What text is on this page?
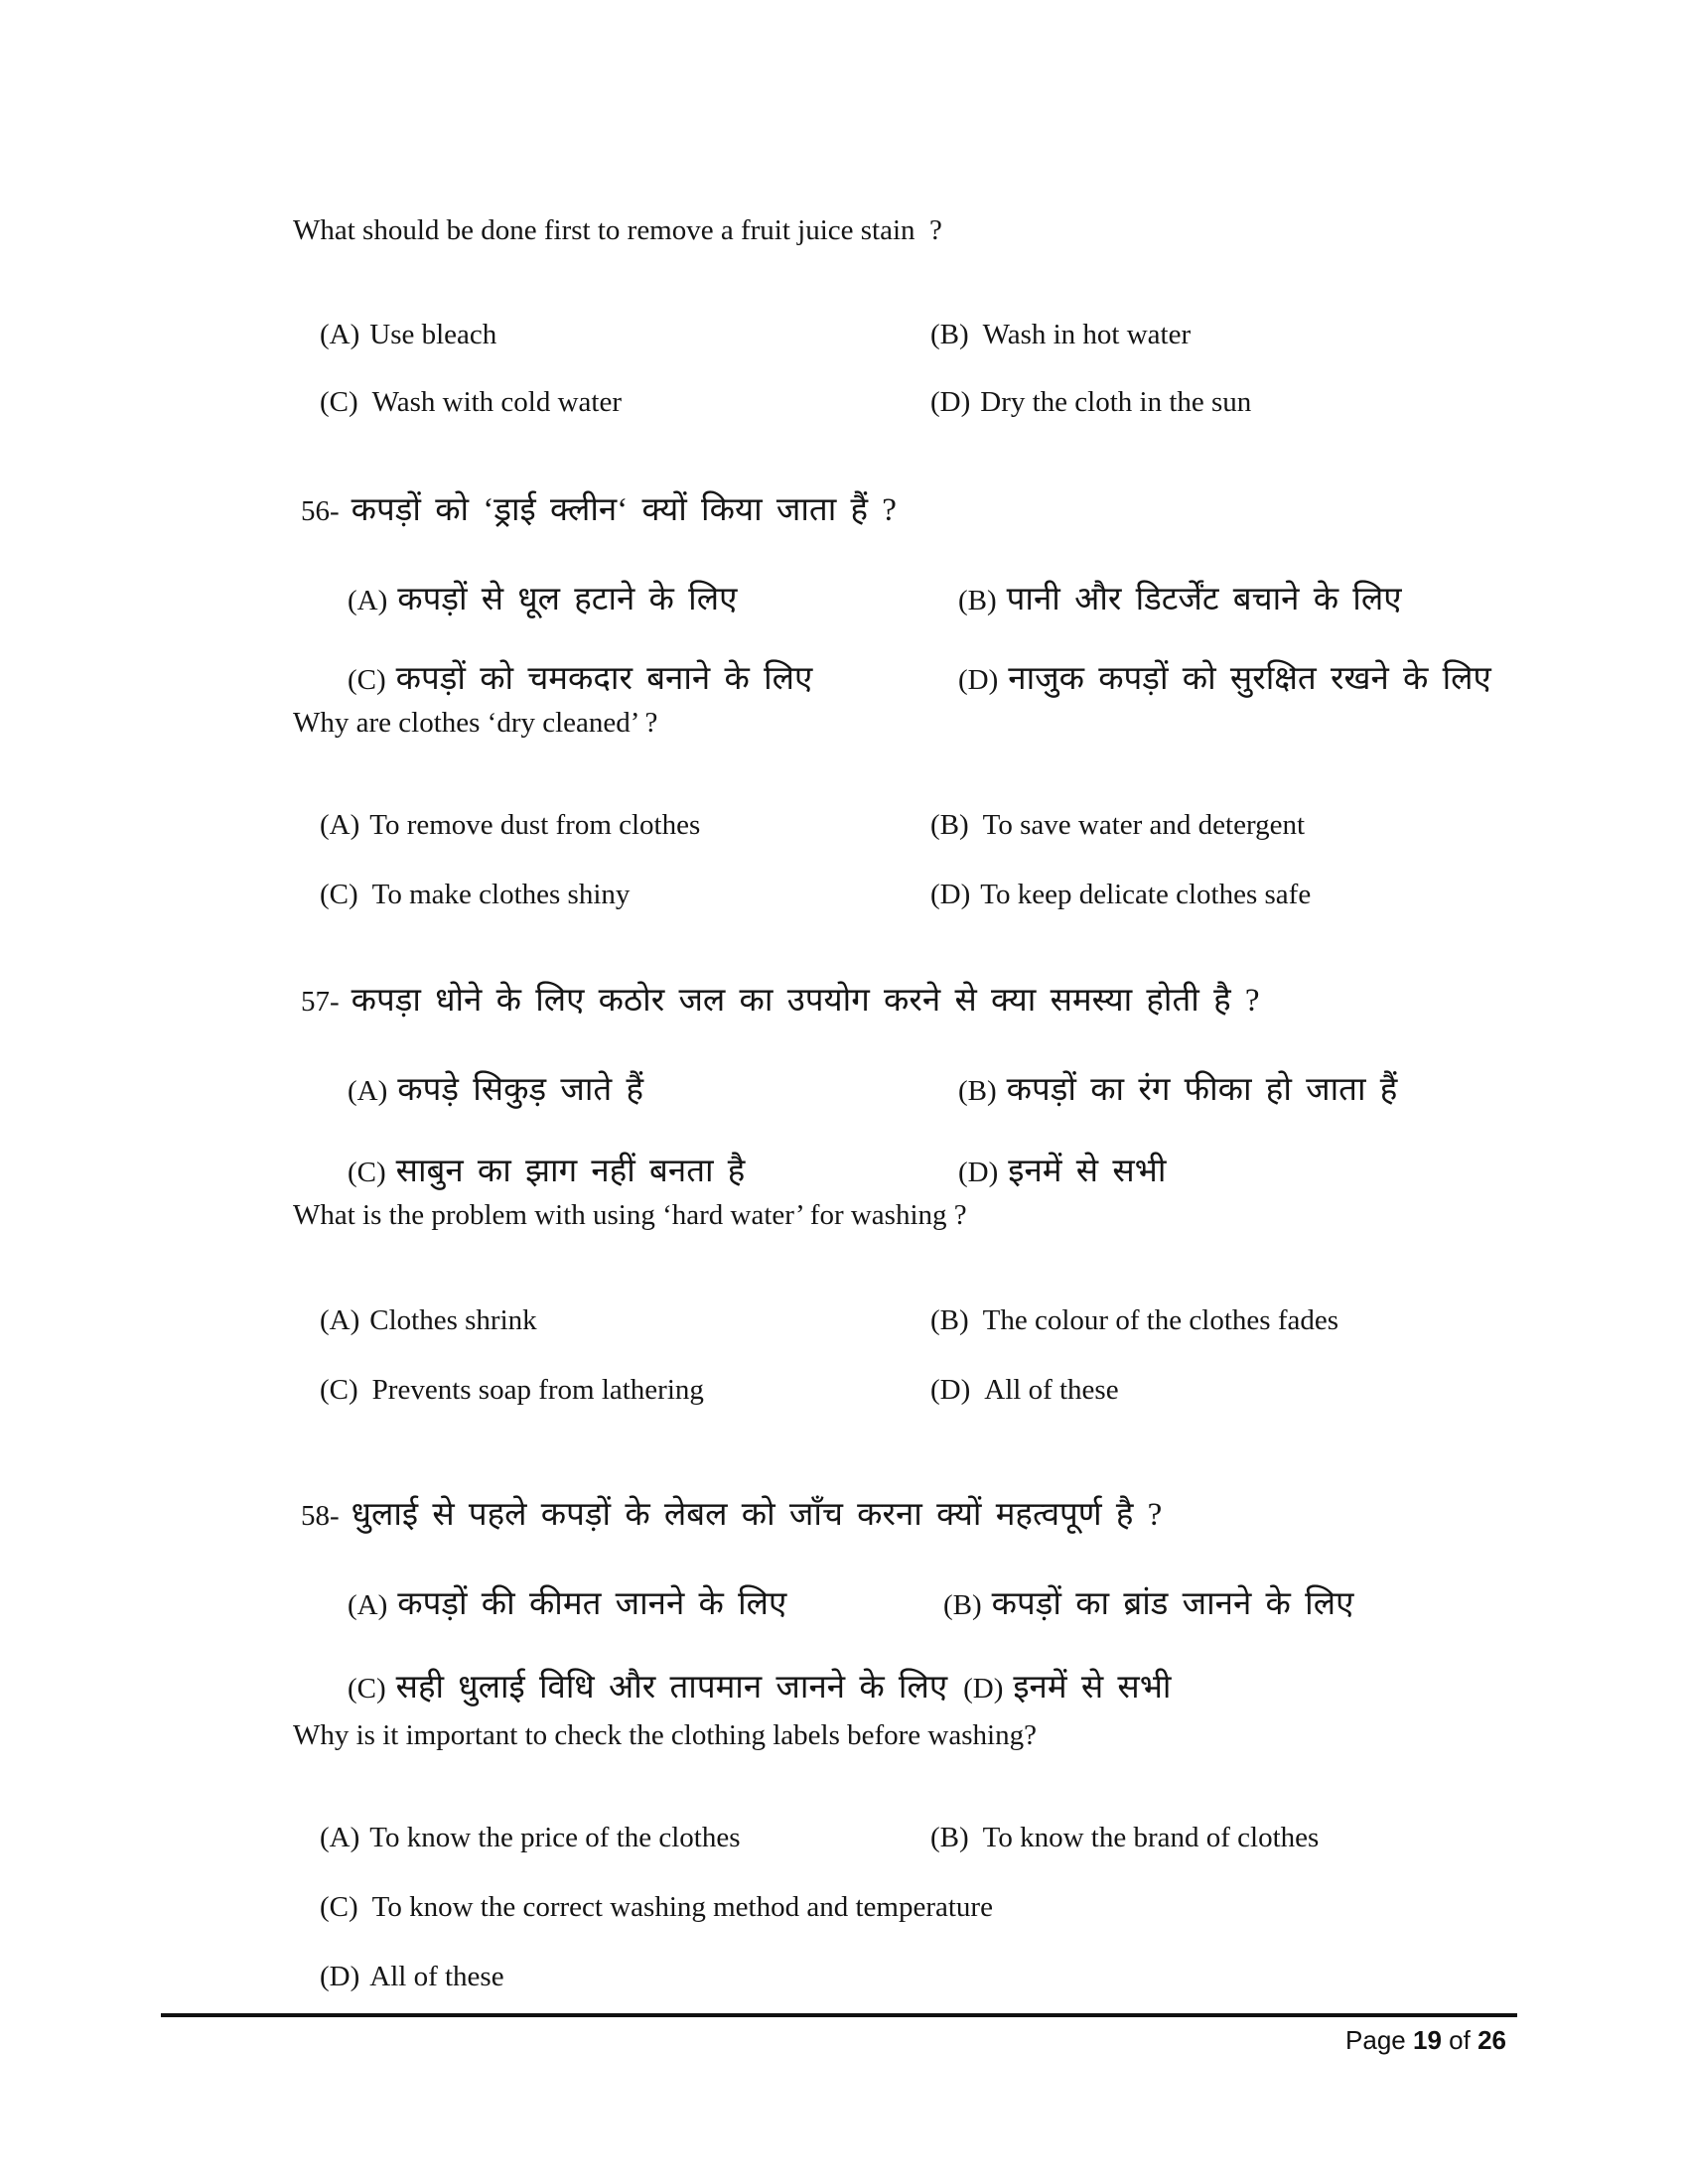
What should be done first to remove a fruit juice stain  ?

(A) Use bleach
	(B) Wash in hot water

(C) Wash with cold water
	(D) Dry the cloth in the sun

56- कपड़ों को ‘ड्राई क्लीन‘ क्यों किया जाता हैं ?

(A) कपड़ों से धूल हटाने के लिए
	(B) पानी और डिटर्जेंट बचाने के लिए

(C) कपड़ों को चमकदार बनाने के लिए
	(D) नाजुक कपड़ों को सुरक्षित रखने के लिए

Why are clothes ‘dry cleaned’ ?

(A) To remove dust from clothes
	(B) To save water and detergent

(C) To make clothes shiny
	(D) To keep delicate clothes safe

57- कपड़ा धोने के लिए कठोर जल का उपयोग करने से क्या समस्या होती है ?

(A) कपड़े सिकुड़ जाते हैं
	(B) कपड़ों का रंग फीका हो जाता हैं

(C) साबुन का झाग नहीं बनता है
	(D) इनमें से सभी

What is the problem with using ‘hard water’ for washing ?

(A) Clothes shrink
	(B) The colour of the clothes fades

(C) Prevents soap from lathering
	(D) All of these

58- धुलाई से पहले कपड़ों के लेबल को जाँच करना क्यों महत्वपूर्ण है ?

(A) कपड़ों की कीमत जानने के लिए
	(B) कपड़ों का ब्रांड जानने के लिए

(C) सही धुलाई विधि और तापमान जानने के लिए (D) इनमें से सभी

Why is it important to check the clothing labels before washing?

(A) To know the price of the clothes
	(B) To know the brand of clothes

(C) To know the correct washing method and temperature

(D) All of these

Page 19 of 26
